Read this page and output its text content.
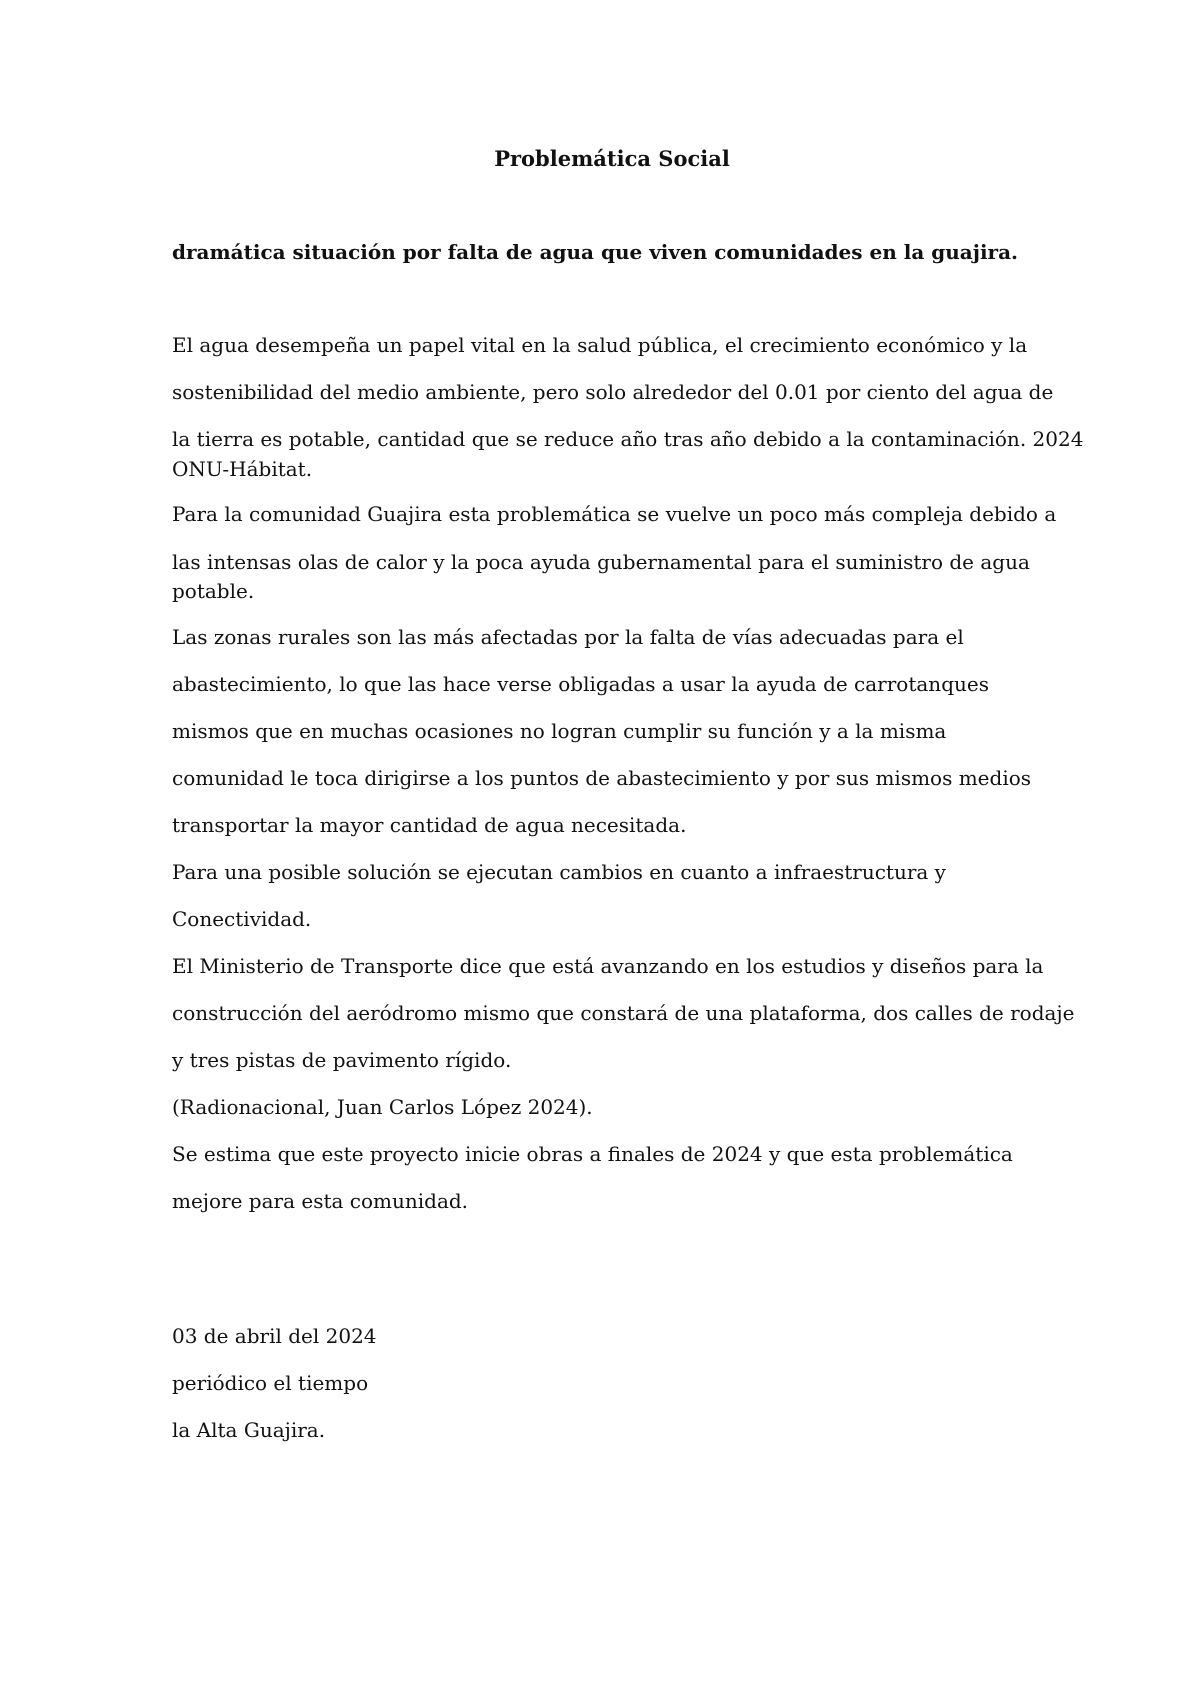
Problemática Social
dramática situación por falta de agua que viven comunidades en la guajira.
El agua desempeña un papel vital en la salud pública, el crecimiento económico y la
sostenibilidad del medio ambiente, pero solo alrededor del 0.01 por ciento del agua de
la tierra es potable, cantidad que se reduce año tras año debido a la contaminación. 2024
ONU-Hábitat.
Para la comunidad Guajira esta problemática se vuelve un poco más compleja debido a
las intensas olas de calor y la poca ayuda gubernamental para el suministro de agua
potable.
Las zonas rurales son las más afectadas por la falta de vías adecuadas para el
abastecimiento, lo que las hace verse obligadas a usar la ayuda de carrotanques
mismos que en muchas ocasiones no logran cumplir su función y a la misma
comunidad le toca dirigirse a los puntos de abastecimiento y por sus mismos medios
transportar la mayor cantidad de agua necesitada.
Para una posible solución se ejecutan cambios en cuanto a infraestructura y
Conectividad.
El Ministerio de Transporte dice que está avanzando en los estudios y diseños para la
construcción del aeródromo mismo que constará de una plataforma, dos calles de rodaje
y tres pistas de pavimento rígido.
(Radionacional, Juan Carlos López 2024).
Se estima que este proyecto inicie obras a finales de 2024 y que esta problemática
mejore para esta comunidad.
03 de abril del 2024
periódico el tiempo
la Alta Guajira.
